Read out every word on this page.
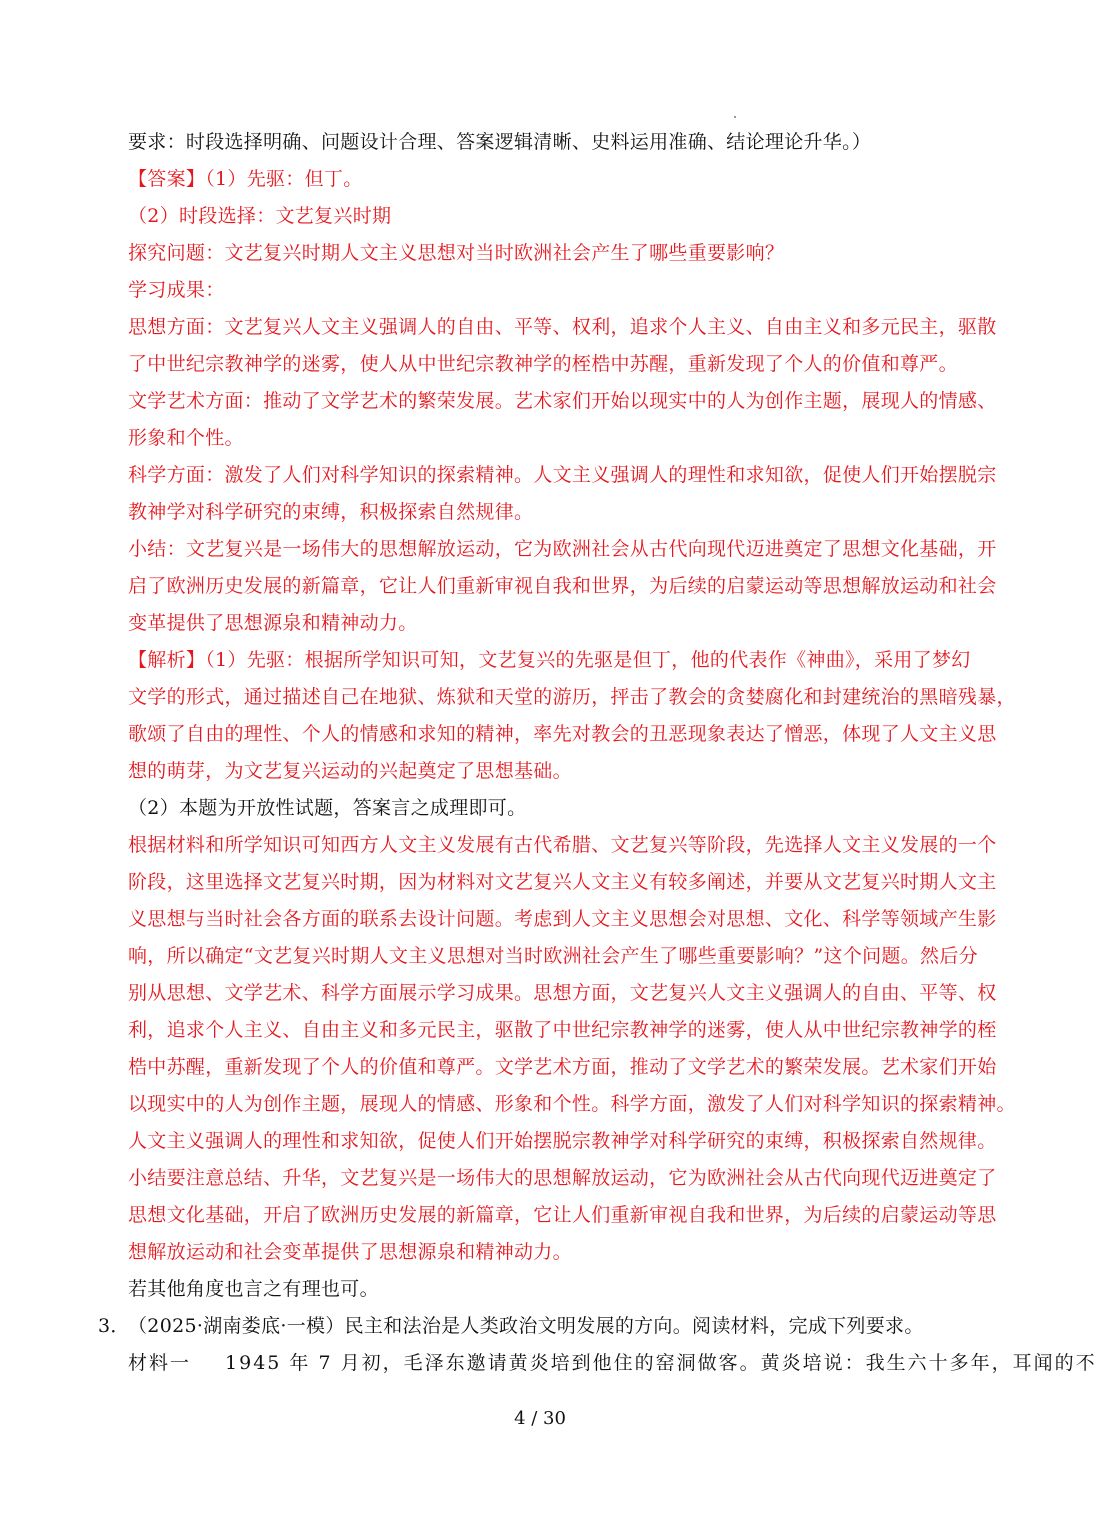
要求：时段选择明确、问题设计合理、答案逻辑清晰、史料运用准确、结论理论升华。）
【答案】（1）先驱：但丁。
（2）时段选择：文艺复兴时期
探究问题：文艺复兴时期人文主义思想对当时欧洲社会产生了哪些重要影响？
学习成果：
思想方面：文艺复兴人文主义强调人的自由、平等、权利，追求个人主义、自由主义和多元民主，驱散
了中世纪宗教神学的迷雾，使人从中世纪宗教神学的桎梏中苏醒，重新发现了个人的价值和尊严。
文学艺术方面：推动了文学艺术的繁荣发展。艺术家们开始以现实中的人为创作主题，展现人的情感、
形象和个性。
科学方面：激发了人们对科学知识的探索精神。人文主义强调人的理性和求知欲，促使人们开始摆脱宗
教神学对科学研究的束缚，积极探索自然规律。
小结：文艺复兴是一场伟大的思想解放运动，它为欧洲社会从古代向现代迈进奠定了思想文化基础，开
启了欧洲历史发展的新篇章，它让人们重新审视自我和世界，为后续的启蒙运动等思想解放运动和社会
变革提供了思想源泉和精神动力。
【解析】（1）先驱：根据所学知识可知，文艺复兴的先驱是但丁，他的代表作《神曲》，采用了梦幻
文学的形式，通过描述自己在地狱、炼狱和天堂的游历，抨击了教会的贪婪腐化和封建统治的黑暗残暴，
歌颂了自由的理性、个人的情感和求知的精神，率先对教会的丑恶现象表达了憎恶，体现了人文主义思
想的萌芽，为文艺复兴运动的兴起奠定了思想基础。
（2）本题为开放性试题，答案言之成理即可。
根据材料和所学知识可知西方人文主义发展有古代希腊、文艺复兴等阶段，先选择人文主义发展的一个
阶段，这里选择文艺复兴时期，因为材料对文艺复兴人文主义有较多阐述，并要从文艺复兴时期人文主
义思想与当时社会各方面的联系去设计问题。考虑到人文主义思想会对思想、文化、科学等领域产生影
响，所以确定“文艺复兴时期人文主义思想对当时欧洲社会产生了哪些重要影响？”这个问题。然后分
别从思想、文学艺术、科学方面展示学习成果。思想方面，文艺复兴人文主义强调人的自由、平等、权
利，追求个人主义、自由主义和多元民主，驱散了中世纪宗教神学的迷雾，使人从中世纪宗教神学的桎
梏中苏醒，重新发现了个人的价值和尊严。文学艺术方面，推动了文学艺术的繁荣发展。艺术家们开始
以现实中的人为创作主题，展现人的情感、形象和个性。科学方面，激发了人们对科学知识的探索精神。
人文主义强调人的理性和求知欲，促使人们开始摆脱宗教神学对科学研究的束缚，积极探索自然规律。
小结要注意总结、升华，文艺复兴是一场伟大的思想解放运动，它为欧洲社会从古代向现代迈进奠定了
思想文化基础，开启了欧洲历史发展的新篇章，它让人们重新审视自我和世界，为后续的启蒙运动等思
想解放运动和社会变革提供了思想源泉和精神动力。
若其他角度也言之有理也可。
3．（2025·湖南娄底·一模）民主和法治是人类政治文明发展的方向。阅读材料，完成下列要求。
材料一 1945 年 7 月初，毛泽东邀请黄炎培到他住的窑洞做客。黄炎培说：我生六十多年，耳闻的不
4 / 30
